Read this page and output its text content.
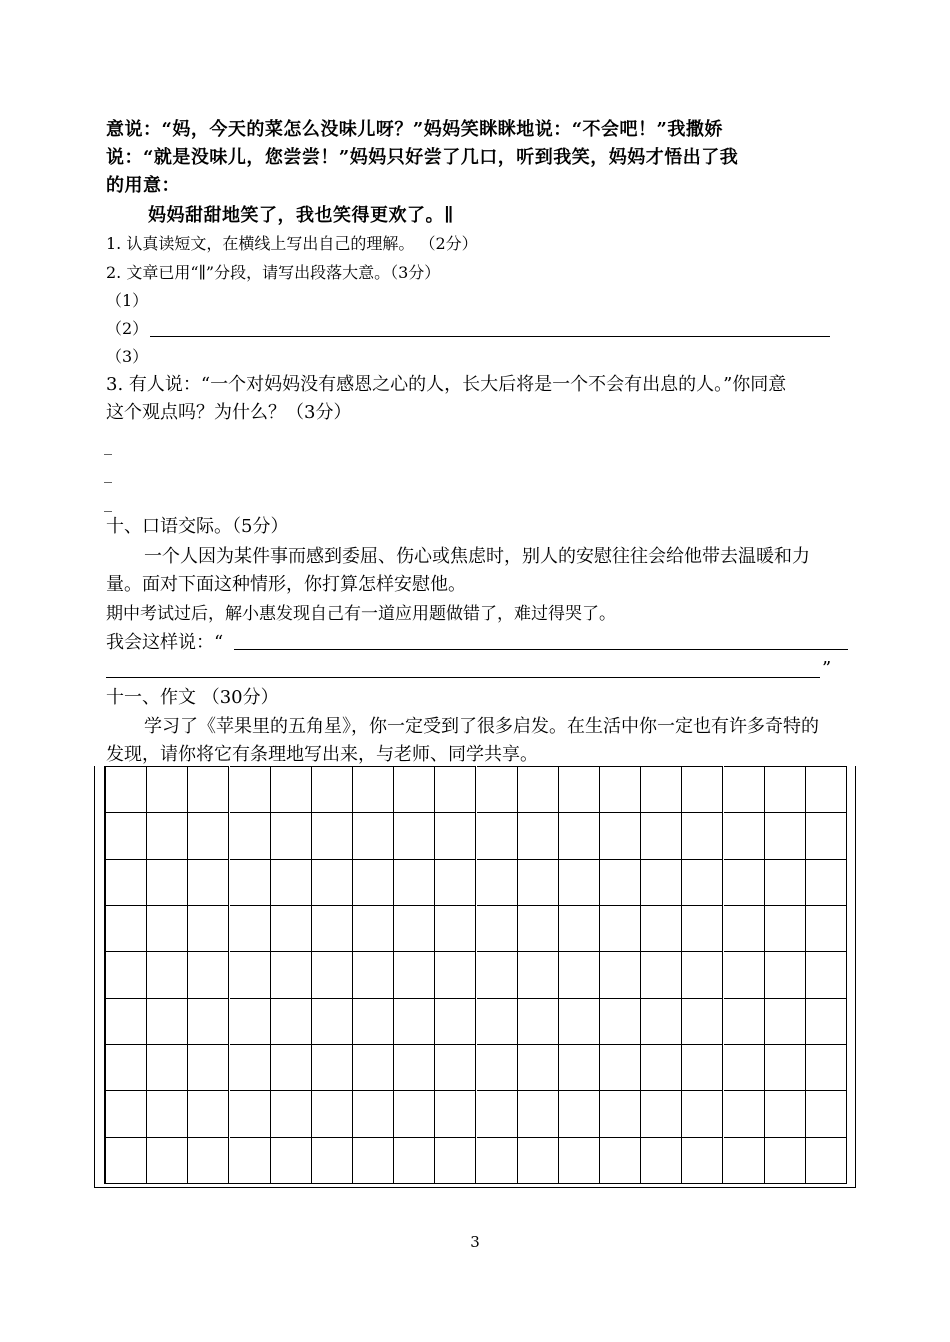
意说：“妈，今天的菜怎么没味儿呀？”妈妈笑眯眯地说：“不会吧！”我撒娇
说：“就是没味儿，您尝尝！”妈妈只好尝了几口，听到我笑，妈妈才悟出了我
的用意：
妈妈甜甜地笑了，我也笑得更欢了。∥
1. 认真读短文，在横线上写出自己的理解。 （2分）
2. 文章已用“∥”分段，请写出段落大意。（3分）
（1）
（2）
（3）
3. 有人说：“一个对妈妈没有感恩之心的人，长大后将是一个不会有出息的人。”你同意
这个观点吗？为什么？（3分）
_
_
_
十、口语交际。（5分）
一个人因为某件事而感到委屈、伤心或焦虑时，别人的安慰往往会给他带去温暖和力
量。面对下面这种情形，你打算怎样安慰他。
期中考试过后，解小惠发现自己有一道应用题做错了，难过得哭了。
我会这样说：“
”
十一、作文 （30分）
学习了《苹果里的五角星》，你一定受到了很多启发。在生活中你一定也有许多奇特的
发现，请你将它有条理地写出来，与老师、同学共享。
3
